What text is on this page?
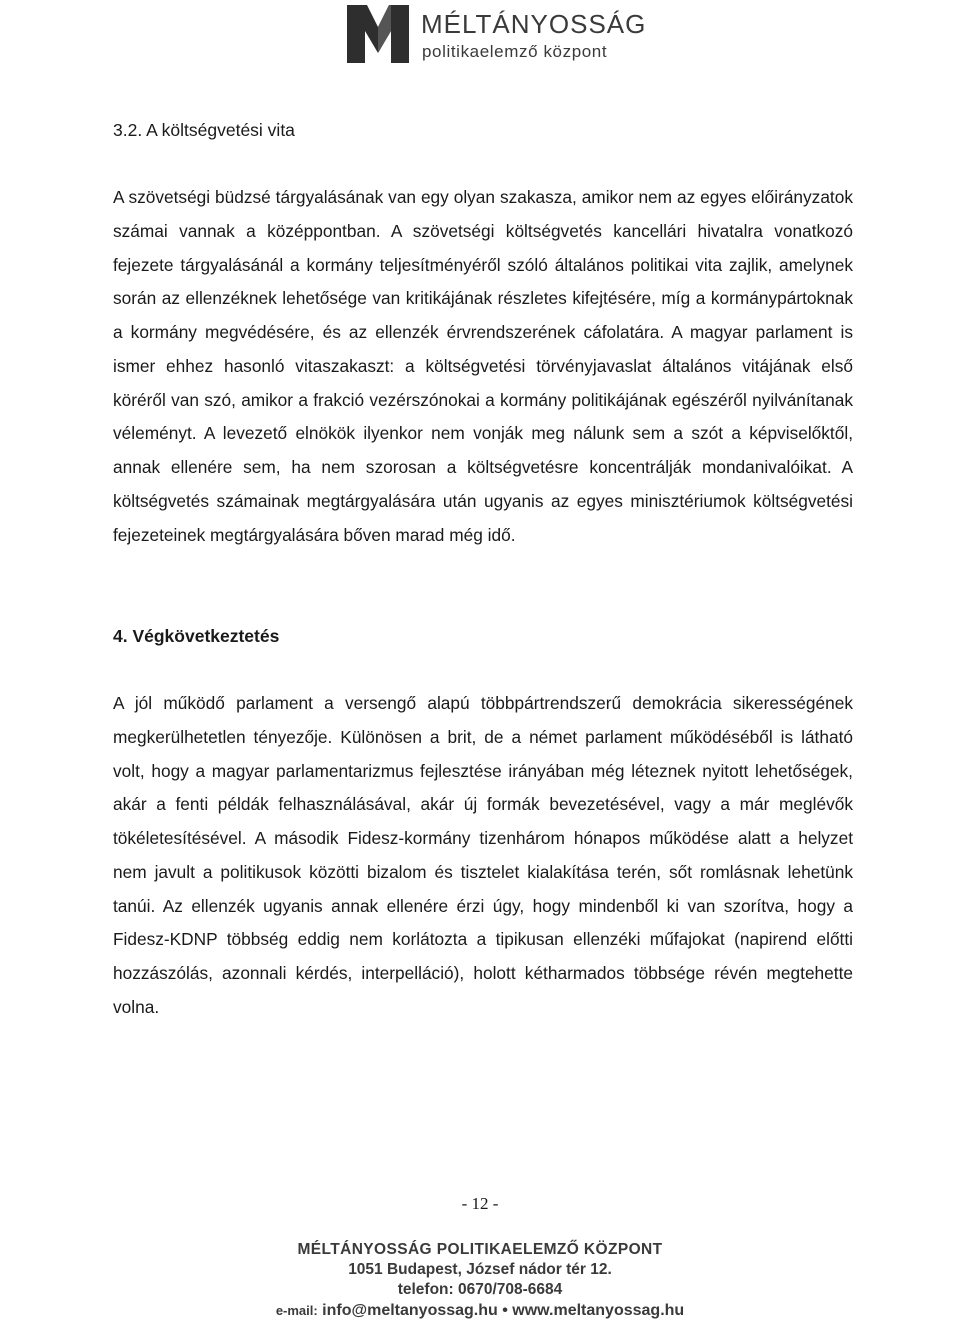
MÉLTÁNYOSSÁG
politikaelemző központ
3.2. A költségvetési vita

A szövetségi büdzsé tárgyalásának van egy olyan szakasza, amikor nem az egyes előirányzatok számai vannak a középpontban. A szövetségi költségvetés kancellári hivatalra vonatkozó fejezete tárgyalásánál a kormány teljesítményéről szóló általános politikai vita zajlik, amelynek során az ellenzéknek lehetősége van kritikájának részletes kifejtésére, míg a kormánypártoknak a kormány megvédésére, és az ellenzék érvrendszerének cáfolatára. A magyar parlament is ismer ehhez hasonló vitaszakaszt: a költségvetési törvényjavaslat általános vitájának első köréről van szó, amikor a frakció vezérszónokai a kormány politikájának egészéről nyilvánítanak véleményt. A levezető elnökök ilyenkor nem vonják meg nálunk sem a szót a képviselőktől, annak ellenére sem, ha nem szorosan a költségvetésre koncentrálják mondanivalóikat. A költségvetés számainak megtárgyalására után ugyanis az egyes minisztériumok költségvetési fejezeteinek megtárgyalására bőven marad még idő.

4. Végkövetkeztetés

A jól működő parlament a versengő alapú többpártrendszerű demokrácia sikerességének megkerülhetetlen tényezője. Különösen a brit, de a német parlament működéséből is látható volt, hogy a magyar parlamentarizmus fejlesztése irányában még léteznek nyitott lehetőségek, akár a fenti példák felhasználásával, akár új formák bevezetésével, vagy a már meglévők tökéletesítésével. A második Fidesz-kormány tizenhárom hónapos működése alatt a helyzet nem javult a politikusok közötti bizalom és tisztelet kialakítása terén, sőt romlásnak lehetünk tanúi. Az ellenzék ugyanis annak ellenére érzi úgy, hogy mindenből ki van szorítva, hogy a Fidesz-KDNP többség eddig nem korlátozta a tipikusan ellenzéki műfajokat (napirend előtti hozzászólás, azonnali kérdés, interpelláció), holott kétharmados többsége révén megtehette volna.

- 12 -
MÉLTÁNYOSSÁG POLITIKAELEMZŐ KÖZPONT
1051 Budapest, József nádor tér 12.
telefon: 0670/708-6684
e-mail: info@meltanyossag.hu • www.meltanyossag.hu
